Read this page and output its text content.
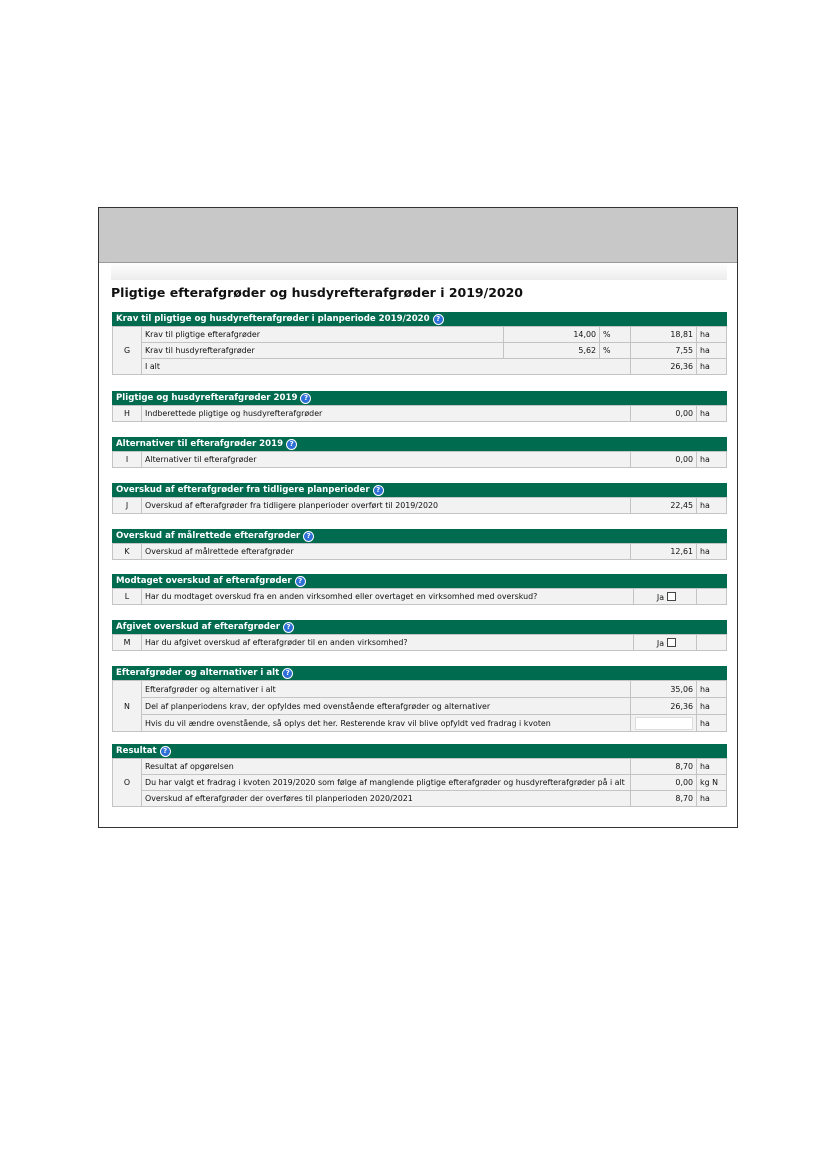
Pligtige efterafgrøder og husdyrefterafgrøder i 2019/2020
Krav til pligtige og husdyrefterafgrøder i planperiode 2019/2020 ?
G	Krav til pligtige efterafgrøder	14,00	%	18,81	ha
	Krav til husdyrefterafgrøder	5,62	%	7,55	ha
	I alt			26,36	ha
Pligtige og husdyrefterafgrøder 2019 ?
H	Indberettede pligtige og husdyrefterafgrøder	0,00	ha
Alternativer til efterafgrøder 2019 ?
I	Alternativer til efterafgrøder	0,00	ha
Overskud af efterafgrøder fra tidligere planperioder ?
J	Overskud af efterafgrøder fra tidligere planperioder overført til 2019/2020	22,45	ha
Overskud af målrettede efterafgrøder ?
K	Overskud af målrettede efterafgrøder	12,61	ha
Modtaget overskud af efterafgrøder ?
L	Har du modtaget overskud fra en anden virksomhed eller overtaget en virksomhed med overskud?	Ja	
Afgivet overskud af efterafgrøder ?
M	Har du afgivet overskud af efterafgrøder til en anden virksomhed?	Ja	
Efterafgrøder og alternativer i alt ?
N	Efterafgrøder og alternativer i alt	35,06	ha
	Del af planperiodens krav, der opfyldes med ovenstående efterafgrøder og alternativer	26,36	ha
	Hvis du vil ændre ovenstående, så oplys det her. Resterende krav vil blive opfyldt ved fradrag i kvoten		ha
Resultat ?
O	Resultat af opgørelsen	8,70	ha
	Du har valgt et fradrag i kvoten 2019/2020 som følge af manglende pligtige efterafgrøder og husdyrefterafgrøder på i alt	0,00	kg N
	Overskud af efterafgrøder der overføres til planperioden 2020/2021	8,70	ha
